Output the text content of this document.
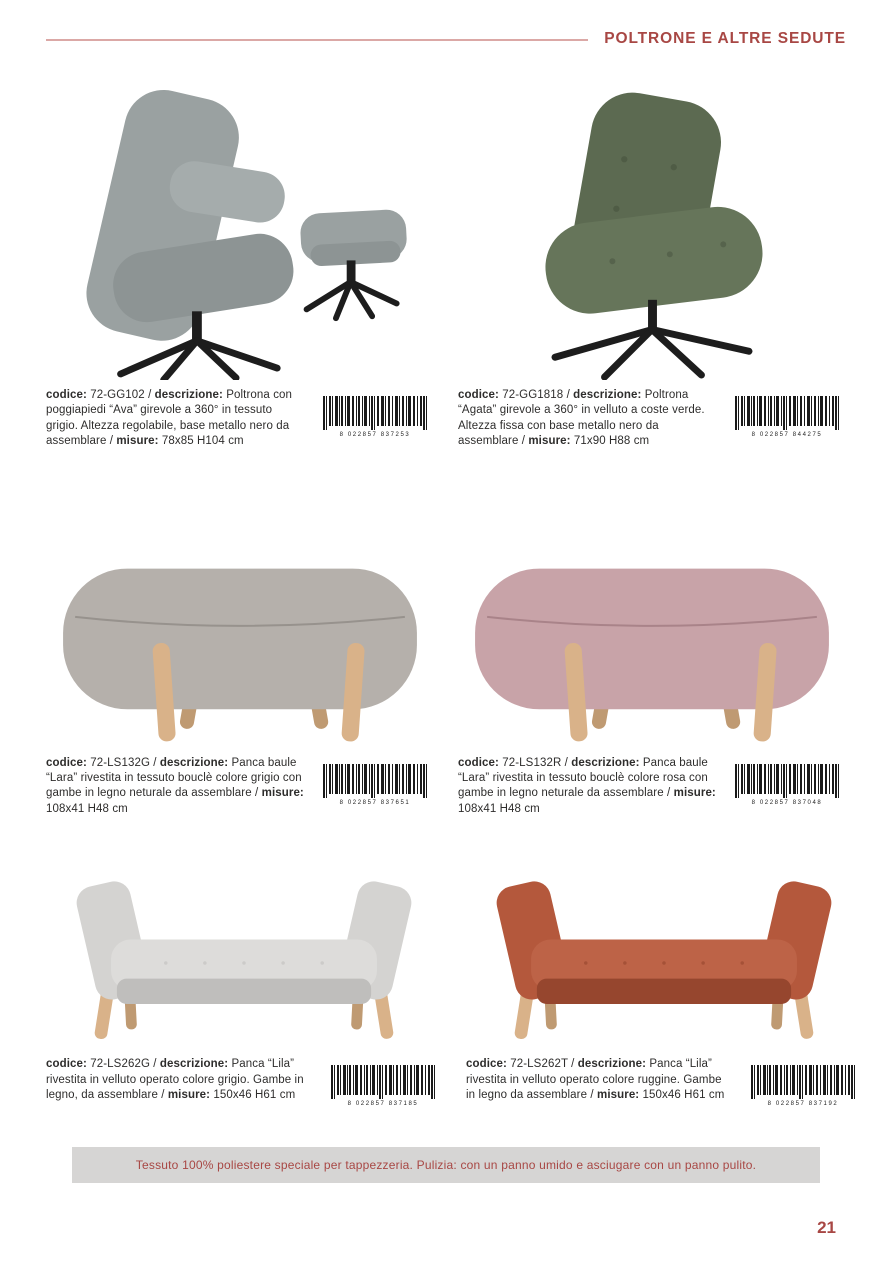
POLTRONE E ALTRE SEDUTE

codice: 72-GG102 / descrizione: Poltrona con poggiapiedi “Ava” girevole a 360° in tessuto grigio. Altezza regolabile, base metallo nero da assemblare / misure: 78x85 H104 cm

8 022857 837253

codice: 72-GG1818 / descrizione: Poltrona “Agata” girevole a 360° in velluto a coste verde. Altezza fissa con base metallo nero da assemblare / misure: 71x90 H88 cm

8 022857 844275

codice: 72-LS132G / descrizione: Panca baule “Lara” rivestita in tessuto bouclè colore grigio con gambe in legno neturale da assemblare / misure: 108x41 H48 cm

8 022857 837651

codice: 72-LS132R / descrizione: Panca baule “Lara” rivestita in tessuto bouclè colore rosa con gambe in legno neturale da assemblare / misure: 108x41 H48 cm

8 022857 837048

codice: 72-LS262G / descrizione: Panca “Lila” rivestita in velluto operato colore grigio. Gambe in legno, da assemblare / misure: 150x46 H61 cm

8 022857 837185

codice: 72-LS262T / descrizione: Panca “Lila” rivestita in velluto operato colore ruggine. Gambe in legno da assemblare / misure: 150x46 H61 cm

8 022857 837192
Tessuto 100% poliestere speciale per tappezzeria. Pulizia: con un panno umido e asciugare con un panno pulito.
21
